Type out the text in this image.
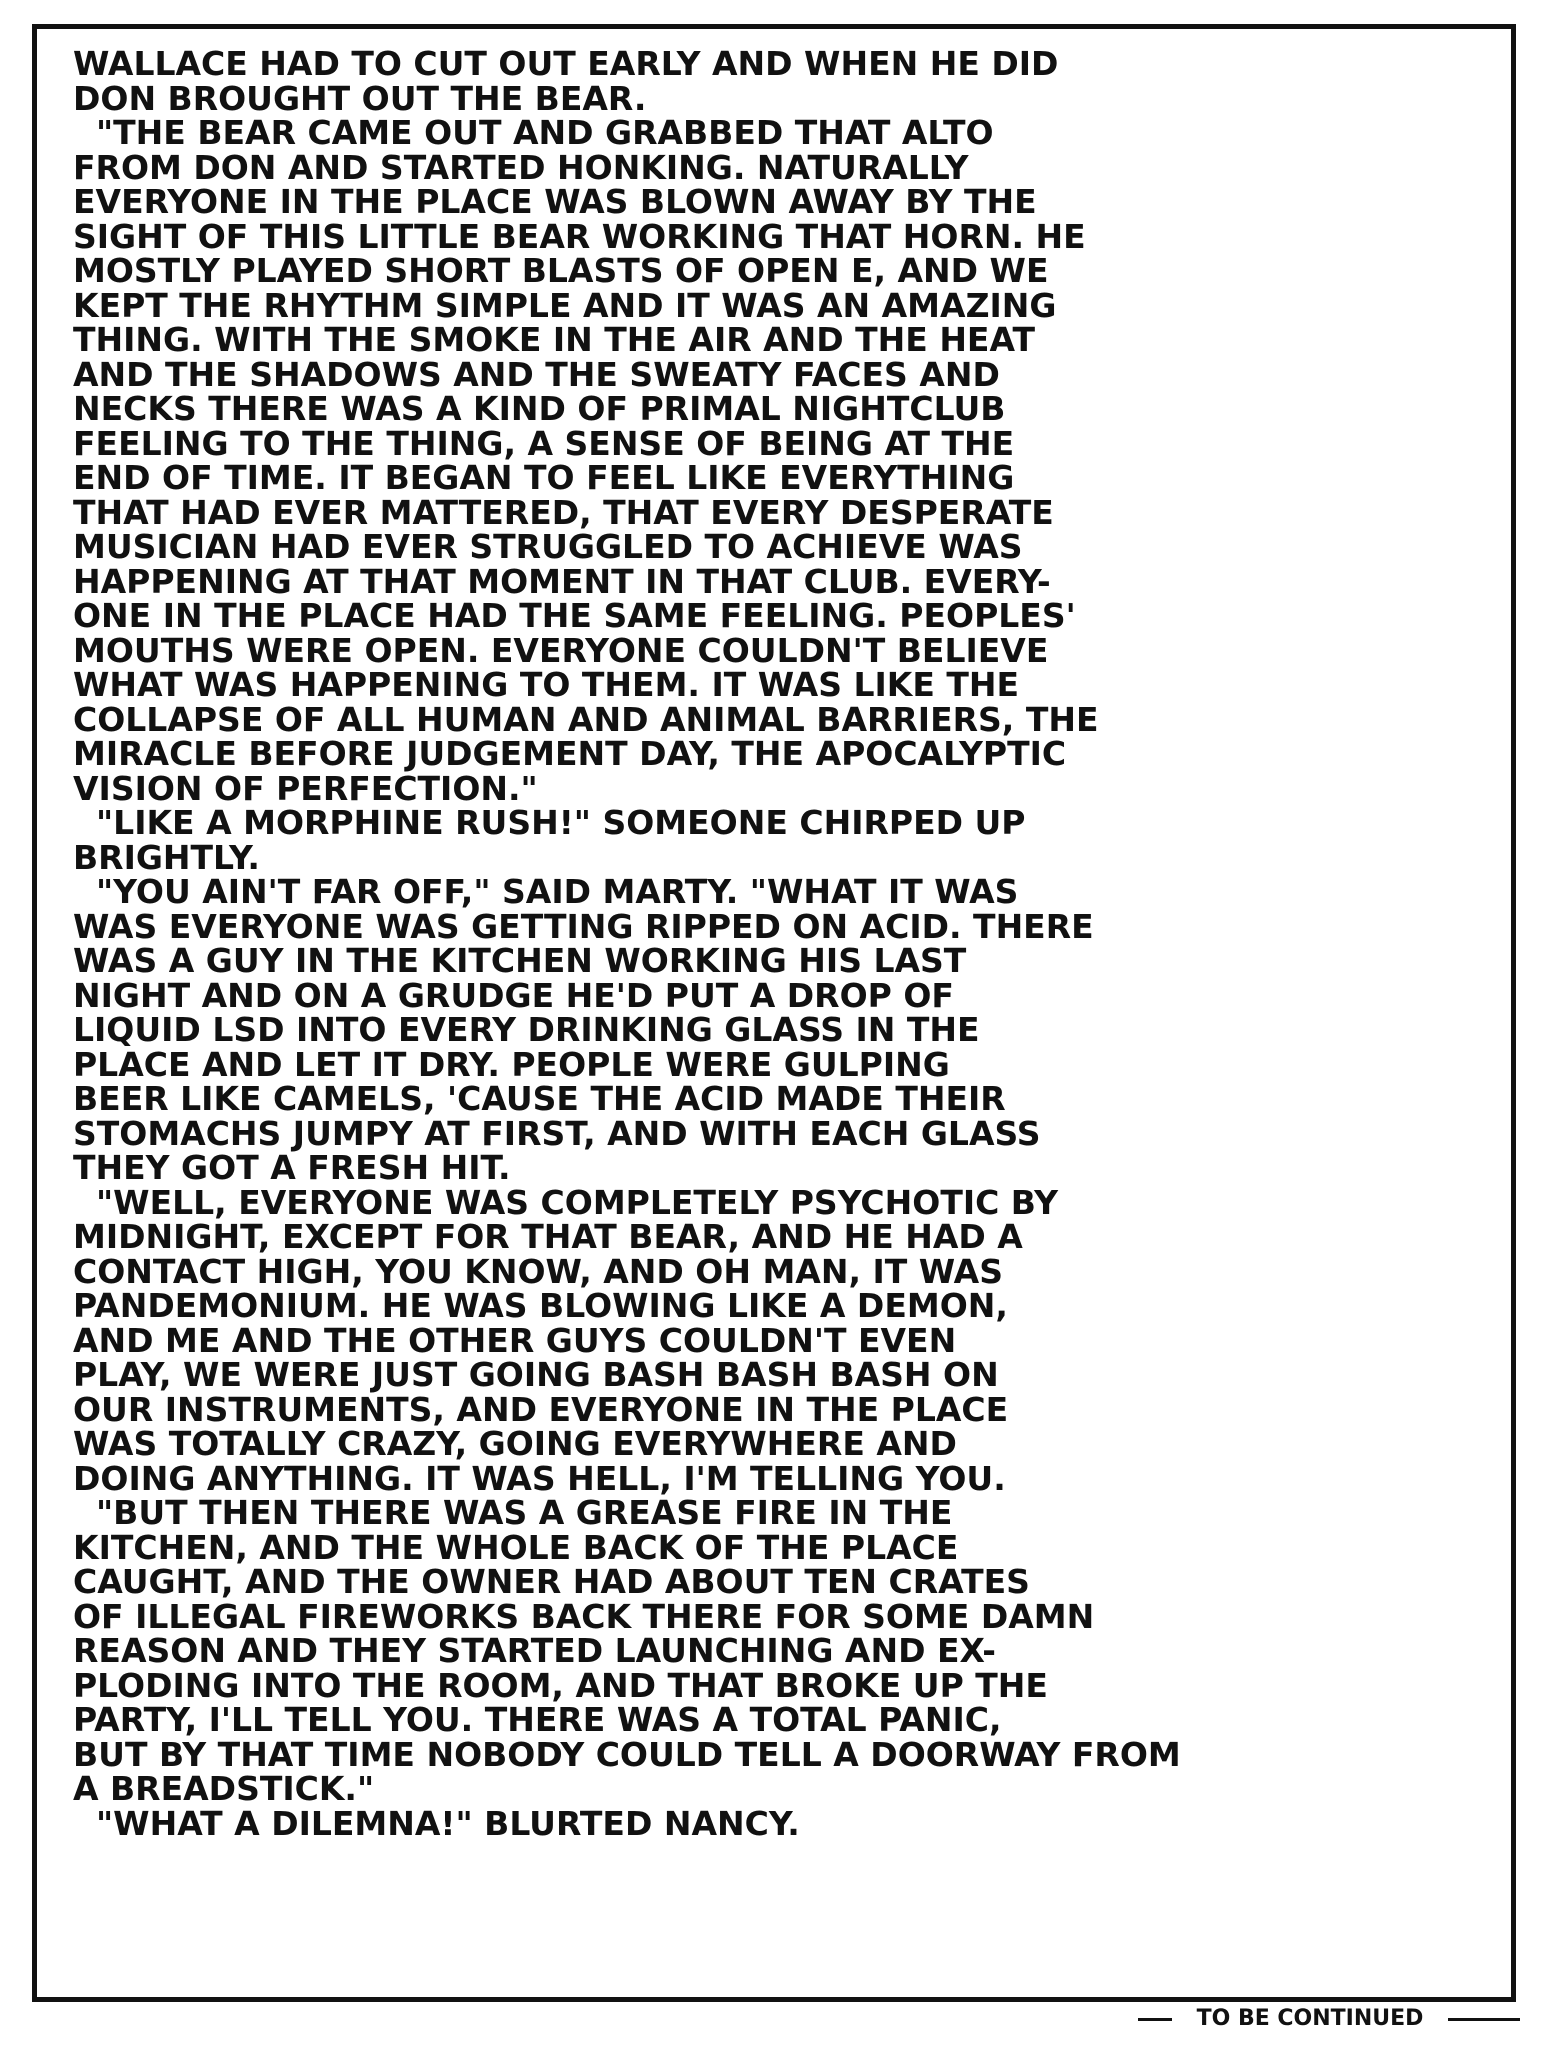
WALLACE HAD TO CUT OUT EARLY AND WHEN HE DID
DON BROUGHT OUT THE BEAR.
"THE BEAR CAME OUT AND GRABBED THAT ALTO
FROM DON AND STARTED HONKING. NATURALLY
EVERYONE IN THE PLACE WAS BLOWN AWAY BY THE
SIGHT OF THIS LITTLE BEAR WORKING THAT HORN. HE
MOSTLY PLAYED SHORT BLASTS OF OPEN E, AND WE
KEPT THE RHYTHM SIMPLE AND IT WAS AN AMAZING
THING. WITH THE SMOKE IN THE AIR AND THE HEAT
AND THE SHADOWS AND THE SWEATY FACES AND
NECKS THERE WAS A KIND OF PRIMAL NIGHTCLUB
FEELING TO THE THING, A SENSE OF BEING AT THE
END OF TIME. IT BEGAN TO FEEL LIKE EVERYTHING
THAT HAD EVER MATTERED, THAT EVERY DESPERATE
MUSICIAN HAD EVER STRUGGLED TO ACHIEVE WAS
HAPPENING AT THAT MOMENT IN THAT CLUB. EVERY-
ONE IN THE PLACE HAD THE SAME FEELING. PEOPLES'
MOUTHS WERE OPEN. EVERYONE COULDN'T BELIEVE
WHAT WAS HAPPENING TO THEM. IT WAS LIKE THE
COLLAPSE OF ALL HUMAN AND ANIMAL BARRIERS, THE
MIRACLE BEFORE JUDGEMENT DAY, THE APOCALYPTIC
VISION OF PERFECTION."
"LIKE A MORPHINE RUSH!" SOMEONE CHIRPED UP
BRIGHTLY.
"YOU AIN'T FAR OFF," SAID MARTY. "WHAT IT WAS
WAS EVERYONE WAS GETTING RIPPED ON ACID. THERE
WAS A GUY IN THE KITCHEN WORKING HIS LAST
NIGHT AND ON A GRUDGE HE'D PUT A DROP OF
LIQUID LSD INTO EVERY DRINKING GLASS IN THE
PLACE AND LET IT DRY. PEOPLE WERE GULPING
BEER LIKE CAMELS, 'CAUSE THE ACID MADE THEIR
STOMACHS JUMPY AT FIRST, AND WITH EACH GLASS
THEY GOT A FRESH HIT.
"WELL, EVERYONE WAS COMPLETELY PSYCHOTIC BY
MIDNIGHT, EXCEPT FOR THAT BEAR, AND HE HAD A
CONTACT HIGH, YOU KNOW, AND OH MAN, IT WAS
PANDEMONIUM. HE WAS BLOWING LIKE A DEMON,
AND ME AND THE OTHER GUYS COULDN'T EVEN
PLAY, WE WERE JUST GOING BASH BASH BASH ON
OUR INSTRUMENTS, AND EVERYONE IN THE PLACE
WAS TOTALLY CRAZY, GOING EVERYWHERE AND
DOING ANYTHING. IT WAS HELL, I'M TELLING YOU.
"BUT THEN THERE WAS A GREASE FIRE IN THE
KITCHEN, AND THE WHOLE BACK OF THE PLACE
CAUGHT, AND THE OWNER HAD ABOUT TEN CRATES
OF ILLEGAL FIREWORKS BACK THERE FOR SOME DAMN
REASON AND THEY STARTED LAUNCHING AND EX-
PLODING INTO THE ROOM, AND THAT BROKE UP THE
PARTY, I'LL TELL YOU. THERE WAS A TOTAL PANIC,
BUT BY THAT TIME NOBODY COULD TELL A DOORWAY FROM
A BREADSTICK."
"WHAT A DILEMNA!" BLURTED NANCY.
TO BE CONTINUED
